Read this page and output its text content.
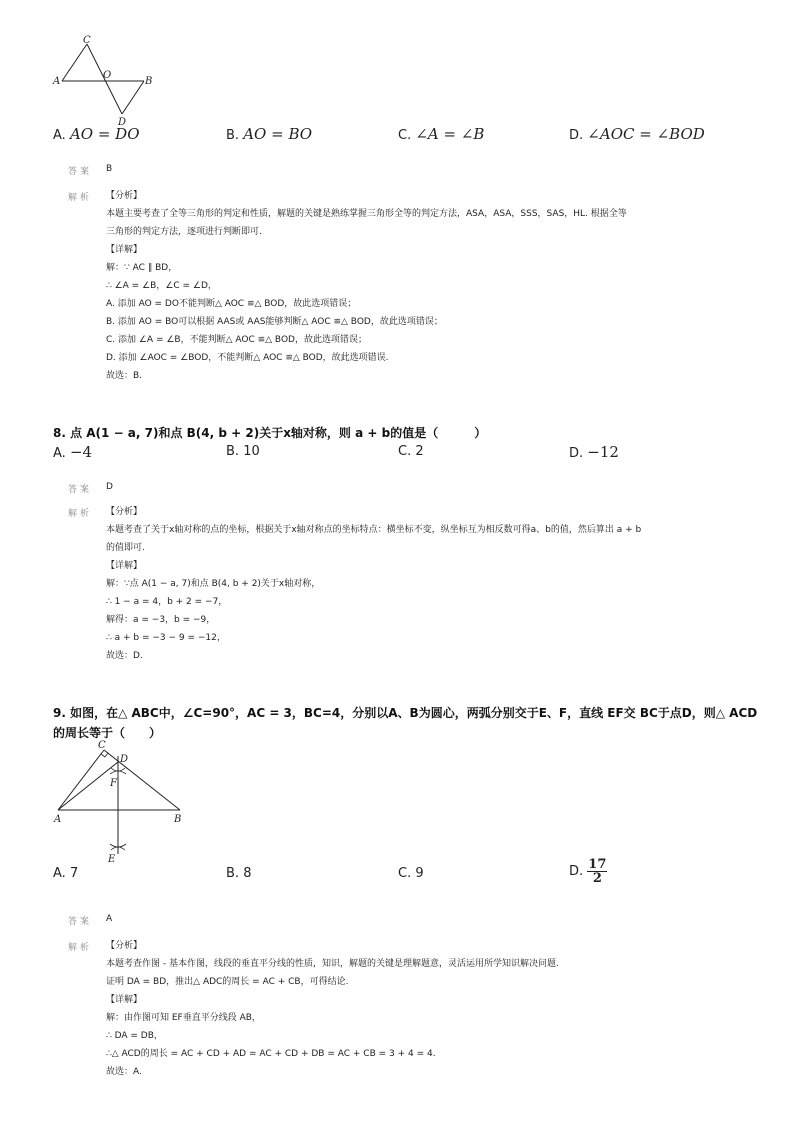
C
A
O
B
D
A. AO = DO	B. AO = BO	C. ∠A = ∠B	D. ∠AOC = ∠BOD
答案 B
解析 【分析】
本题主要考查了全等三角形的判定和性质，解题的关键是熟练掌握三角形全等的判定方法，ASA，ASA，SSS，SAS，HL. 根据全等
三角形的判定方法，逐项进行判断即可.
【详解】
解：∵ AC ∥ BD，
∴ ∠A = ∠B，∠C = ∠D，
A. 添加 AO = DO不能判断△ AOC ≌△ BOD，故此选项错误；
B. 添加 AO = BO可以根据 AAS或 AAS能够判断△ AOC ≌△ BOD，故此选项错误；
C. 添加 ∠A = ∠B，不能判断△ AOC ≌△ BOD，故此选项错误；
D. 添加 ∠AOC = ∠BOD，不能判断△ AOC ≌△ BOD，故此选项错误.
故选：B.
8. 点 A(1 − a, 7)和点 B(4, b + 2)关于x轴对称，则 a + b的值是（　　　）
A. −4	B. 10	C. 2	D. −12
答案 D
解析 【分析】
本题考查了关于x轴对称的点的坐标，根据关于x轴对称点的坐标特点：横坐标不变，纵坐标互为相反数可得a、b的值，然后算出 a + b
的值即可.
【详解】
解：∵点 A(1 − a, 7)和点 B(4, b + 2)关于x轴对称，
∴ 1 − a = 4，b + 2 = −7，
解得：a = −3，b = −9，
∴ a + b = −3 − 9 = −12，
故选：D.
9. 如图，在△ ABC中，∠C=90°，AC = 3，BC=4，分别以A、B为圆心，两弧分别交于E、F，直线 EF交 BC于点D，则△ ACD
的周长等于（　　）
C
D
F
A	B
E
A. 7	B. 8	C. 9	D. $\frac{17}{2}$
答案 A
解析 【分析】
本题考查作图 - 基本作图，线段的垂直平分线的性质，知识，解题的关键是理解题意，灵活运用所学知识解决问题.
证明 DA = BD，推出△ ADC的周长 = AC + CB，可得结论.
【详解】
解：由作图可知 EF垂直平分线段 AB，
∴ DA = DB，
∴△ ACD的周长 = AC + CD + AD = AC + CD + DB = AC + CB = 3 + 4 = 4.
故选：A.
